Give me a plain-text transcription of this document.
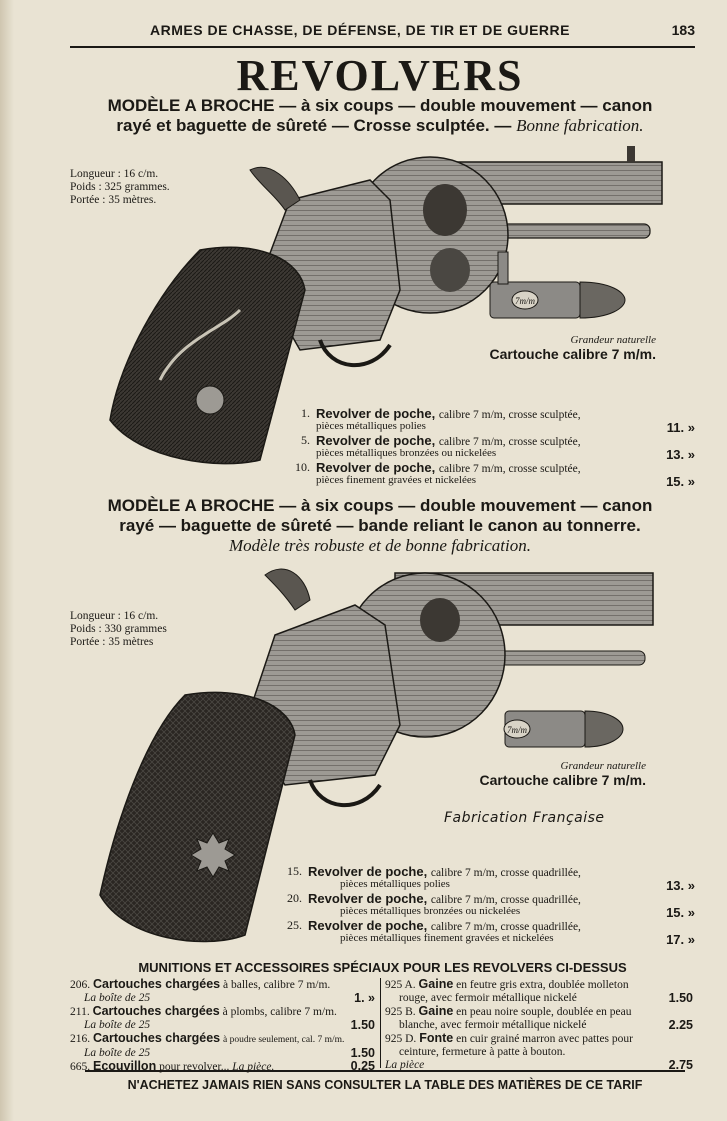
ARMES DE CHASSE, DE DÉFENSE, DE TIR ET DE GUERRE	183
REVOLVERS
MODÈLE A BROCHE — à six coups — double mouvement — canon
rayé et baguette de sûreté — Crosse sculptée. — Bonne fabrication.
Longueur : 16 c/m.
Poids : 325 grammes.
Portée : 35 mètres.
7m/m
Grandeur naturelle
Cartouche calibre 7 m/m.
1. Revolver de poche, calibre 7 m/m, crosse sculptée,
pièces métalliques polies	11. »
5. Revolver de poche, calibre 7 m/m, crosse sculptée,
pièces métalliques bronzées ou nickelées	13. »
10. Revolver de poche, calibre 7 m/m, crosse sculptée,
pièces finement gravées et nickelées	15. »
MODÈLE A BROCHE — à six coups — double mouvement — canon
rayé — baguette de sûreté — bande reliant le canon au tonnerre.
Modèle très robuste et de bonne fabrication.
Longueur : 16 c/m.
Poids : 330 grammes
Portée : 35 mètres
7m/m
Grandeur naturelle
Cartouche calibre 7 m/m.
Fabrication Française
15. Revolver de poche, calibre 7 m/m, crosse quadrillée,
pièces métalliques polies	13. »
20. Revolver de poche, calibre 7 m/m, crosse quadrillée,
pièces métalliques bronzées ou nickelées	15. »
25. Revolver de poche, calibre 7 m/m, crosse quadrillée,
pièces métalliques finement gravées et nickelées	17. »
MUNITIONS ET ACCESSOIRES SPÉCIAUX POUR LES REVOLVERS CI-DESSUS
206. Cartouches chargées à balles, calibre 7 m/m.
La boîte de 25	1. »
211. Cartouches chargées à plombs, calibre 7 m/m.
La boîte de 25	1.50
216. Cartouches chargées à poudre seulement, cal. 7 m/m.
La boîte de 25	1.50
665. Ecouvillon pour revolver... La pièce.	0.25
925 A. Gaine en feutre gris extra, doublée molleton
rouge, avec fermoir métallique nickelé	1.50
925 B. Gaine en peau noire souple, doublée en peau
blanche, avec fermoir métallique nickelé	2.25
925 D. Fonte en cuir grainé marron avec pattes pour
ceinture, fermeture à patte à bouton.
La pièce	2.75
N'ACHETEZ JAMAIS RIEN SANS CONSULTER LA TABLE DES MATIÈRES DE CE TARIF
